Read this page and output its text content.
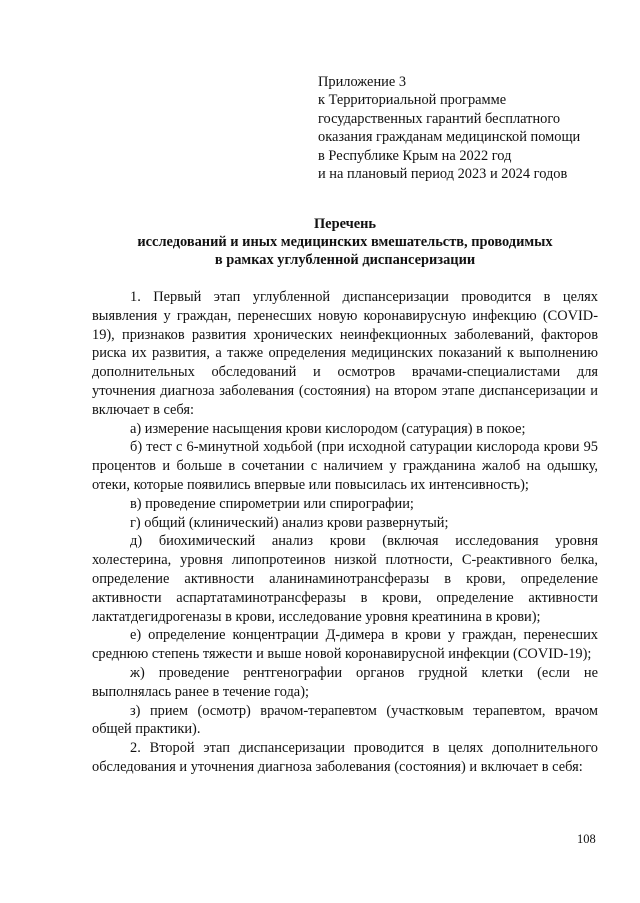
Приложение 3
к Территориальной программе
государственных гарантий бесплатного
оказания гражданам медицинской помощи
в Республике Крым на 2022 год
и на плановый период 2023 и 2024 годов
Перечень
исследований и иных медицинских вмешательств, проводимых
в рамках углубленной диспансеризации

1. Первый этап углубленной диспансеризации проводится в целях выявления у граждан, перенесших новую коронавирусную инфекцию (COVID-19), признаков развития хронических неинфекционных заболеваний, факторов риска их развития, а также определения медицинских показаний к выполнению дополнительных обследований и осмотров врачами-специалистами для уточнения диагноза заболевания (состояния) на втором этапе диспансеризации и включает в себя:

а) измерение насыщения крови кислородом (сатурация) в покое;

б) тест с 6-минутной ходьбой (при исходной сатурации кислорода крови 95 процентов и больше в сочетании с наличием у гражданина жалоб на одышку, отеки, которые появились впервые или повысилась их интенсивность);

в) проведение спирометрии или спирографии;

г) общий (клинический) анализ крови развернутый;

д) биохимический анализ крови (включая исследования уровня холестерина, уровня липопротеинов низкой плотности, С-реактивного белка, определение активности аланинаминотрансферазы в крови, определение активности аспартатаминотрансферазы в крови, определение активности лактатдегидрогеназы в крови, исследование уровня креатинина в крови);

е) определение концентрации Д-димера в крови у граждан, перенесших среднюю степень тяжести и выше новой коронавирусной инфекции (COVID-19);

ж) проведение рентгенографии органов грудной клетки (если не выполнялась ранее в течение года);

з) прием (осмотр) врачом-терапевтом (участковым терапевтом, врачом общей практики).

2. Второй этап диспансеризации проводится в целях дополнительного обследования и уточнения диагноза заболевания (состояния) и включает в себя:

108
